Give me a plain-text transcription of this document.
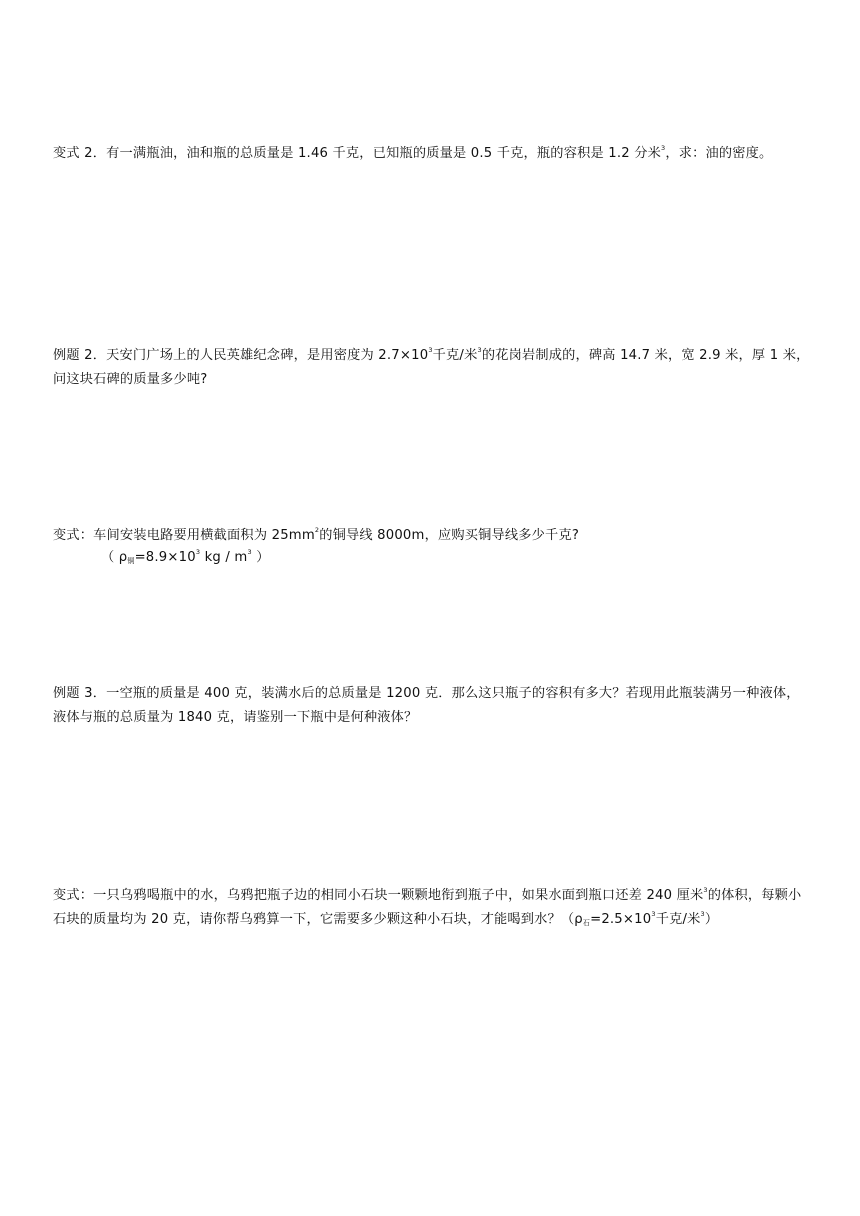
变式 2．有一满瓶油，油和瓶的总质量是 1.46 千克，已知瓶的质量是 0.5 千克，瓶的容积是 1.2 分米$^3$，求：油的密度。

例题 2．天安门广场上的人民英雄纪念碑，是用密度为 $2.7\times 10^3$千克/米$^3$的花岗岩制成的，碑高 14.7 米，宽 2.9 米，厚 1 米，问这块石碑的质量多少吨?

变式：车间安装电路要用横截面积为 $25mm^2$的铜导线 8000m，应购买铜导线多少千克?

（ $\rho_铜=8.9\times 10^3$ kg / $m^3$ ）

例题 3．一空瓶的质量是 400 克，装满水后的总质量是 1200 克．那么这只瓶子的容积有多大？若现用此瓶装满另一种液体，液体与瓶的总质量为 1840 克，请鉴别一下瓶中是何种液体？

变式：一只乌鸦喝瓶中的水，乌鸦把瓶子边的相同小石块一颗颗地衔到瓶子中，如果水面到瓶口还差 240 厘米$^3$的体积，每颗小石块的质量均为 20 克，请你帮乌鸦算一下，它需要多少颗这种小石块，才能喝到水？（$\rho_石=2.5\times 10^3$千克/米$^3$）
